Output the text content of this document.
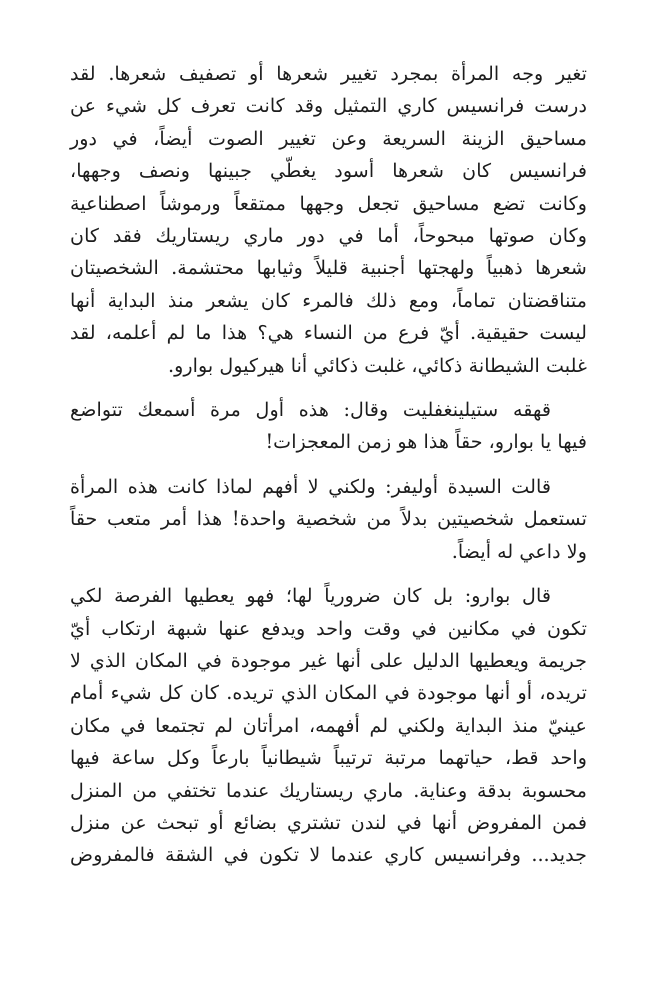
تغير وجه المرأة بمجرد تغيير شعرها أو تصفيف شعرها. لقد
درست فرانسيس كاري التمثيل وقد كانت تعرف كل شيء عن
مساحيق الزينة السريعة وعن تغيير الصوت أيضاً، في دور
فرانسيس كان شعرها أسود يغطّي جبينها ونصف وجهها،
وكانت تضع مساحيق تجعل وجهها ممتقعاً ورموشاً اصطناعية
وكان صوتها مبحوحاً، أما في دور ماري ريستاريك فقد كان
شعرها ذهبياً ولهجتها أجنبية قليلاً وثيابها محتشمة. الشخصيتان
متناقضتان تماماً، ومع ذلك فالمرء كان يشعر منذ البداية أنها
ليست حقيقية. أيّ فرع من النساء هي؟ هذا ما لم أعلمه، لقد
غلبت الشيطانة ذكائي، غلبت ذكائي أنا هيركيول بوارو.
قهقه ستيلينغفليت وقال: هذه أول مرة أسمعك تتواضع
فيها يا بوارو، حقاً هذا هو زمن المعجزات!
قالت السيدة أوليفر: ولكني لا أفهم لماذا كانت هذه المرأة
تستعمل شخصيتين بدلاً من شخصية واحدة! هذا أمر متعب حقاً
ولا داعي له أيضاً.
قال بوارو: بل كان ضرورياً لها؛ فهو يعطيها الفرصة لكي
تكون في مكانين في وقت واحد ويدفع عنها شبهة ارتكاب أيّ
جريمة ويعطيها الدليل على أنها غير موجودة في المكان الذي لا
تريده، أو أنها موجودة في المكان الذي تريده. كان كل شيء أمام
عينيّ منذ البداية ولكني لم أفهمه، امرأتان لم تجتمعا في مكان
واحد قط، حياتهما مرتبة ترتيباً شيطانياً بارعاً وكل ساعة فيها
محسوبة بدقة وعناية. ماري ريستاريك عندما تختفي من المنزل
فمن المفروض أنها في لندن تشتري بضائع أو تبحث عن منزل
جديد... وفرانسيس كاري عندما لا تكون في الشقة فالمفروض
